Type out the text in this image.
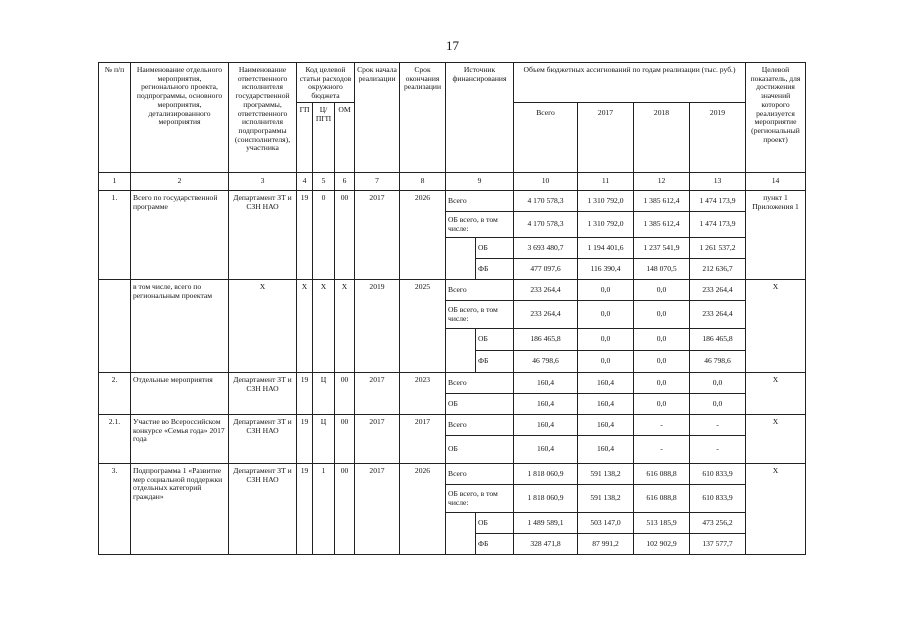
17
№ п/п	Наименование отдельного мероприятия, регионального проекта, подпрограммы, основного мероприятия, детализированного мероприятия	Наименование ответственного исполнителя государственной программы, ответственного исполнителя подпрограммы (соисполнителя), участника	Код целевой статьи расходов окружного бюджета			Срок начала реализации	Срок окончания реализации	Источник финансирования		Объем бюджетных ассигнований по годам реализации (тыс. руб.)				Целевой показатель, для достижения значений которого реализуется мероприятие (региональный проект)
			ГП	Ц/ПГП	ОМ					Всего	2017	2018	2019	
1	2	3	4	5	6	7	8	9		10	11	12	13	14
1.	Всего по государственной программе	Департамент ЗТ и СЗН НАО	19	0	00	2017	2026	Всего		4 170 578,3	1 310 792,0	1 385 612,4	1 474 173,9	пункт 1 Приложения 1
								ОБ всего, в том числе:		4 170 578,3	1 310 792,0	1 385 612,4	1 474 173,9	
									ОБ	3 693 480,7	1 194 401,6	1 237 541,9	1 261 537,2	
									ФБ	477 097,6	116 390,4	148 070,5	212 636,7	
	в том числе, всего по региональным проектам	Х	Х	Х	Х	2019	2025	Всего		233 264,4	0,0	0,0	233 264,4	Х
								ОБ всего, в том числе:		233 264,4	0,0	0,0	233 264,4	
									ОБ	186 465,8	0,0	0,0	186 465,8	
									ФБ	46 798,6	0,0	0,0	46 798,6	
2.	Отдельные мероприятия	Департамент ЗТ и СЗН НАО	19	Ц	00	2017	2023	Всего		160,4	160,4	0,0	0,0	Х
								ОБ		160,4	160,4	0,0	0,0	
2.1.	Участие во Всероссийском конкурсе «Семья года» 2017 года	Департамент ЗТ и СЗН НАО	19	Ц	00	2017	2017	Всего		160,4	160,4	-	-	Х
								ОБ		160,4	160,4	-	-	
3.	Подпрограмма 1 «Развитие мер социальной поддержки отдельных категорий граждан»	Департамент ЗТ и СЗН НАО	19	1	00	2017	2026	Всего		1 818 060,9	591 138,2	616 088,8	610 833,9	Х
								ОБ всего, в том числе:		1 818 060,9	591 138,2	616 088,8	610 833,9	
									ОБ	1 489 589,1	503 147,0	513 185,9	473 256,2	
									ФБ	328 471,8	87 991,2	102 902,9	137 577,7	
